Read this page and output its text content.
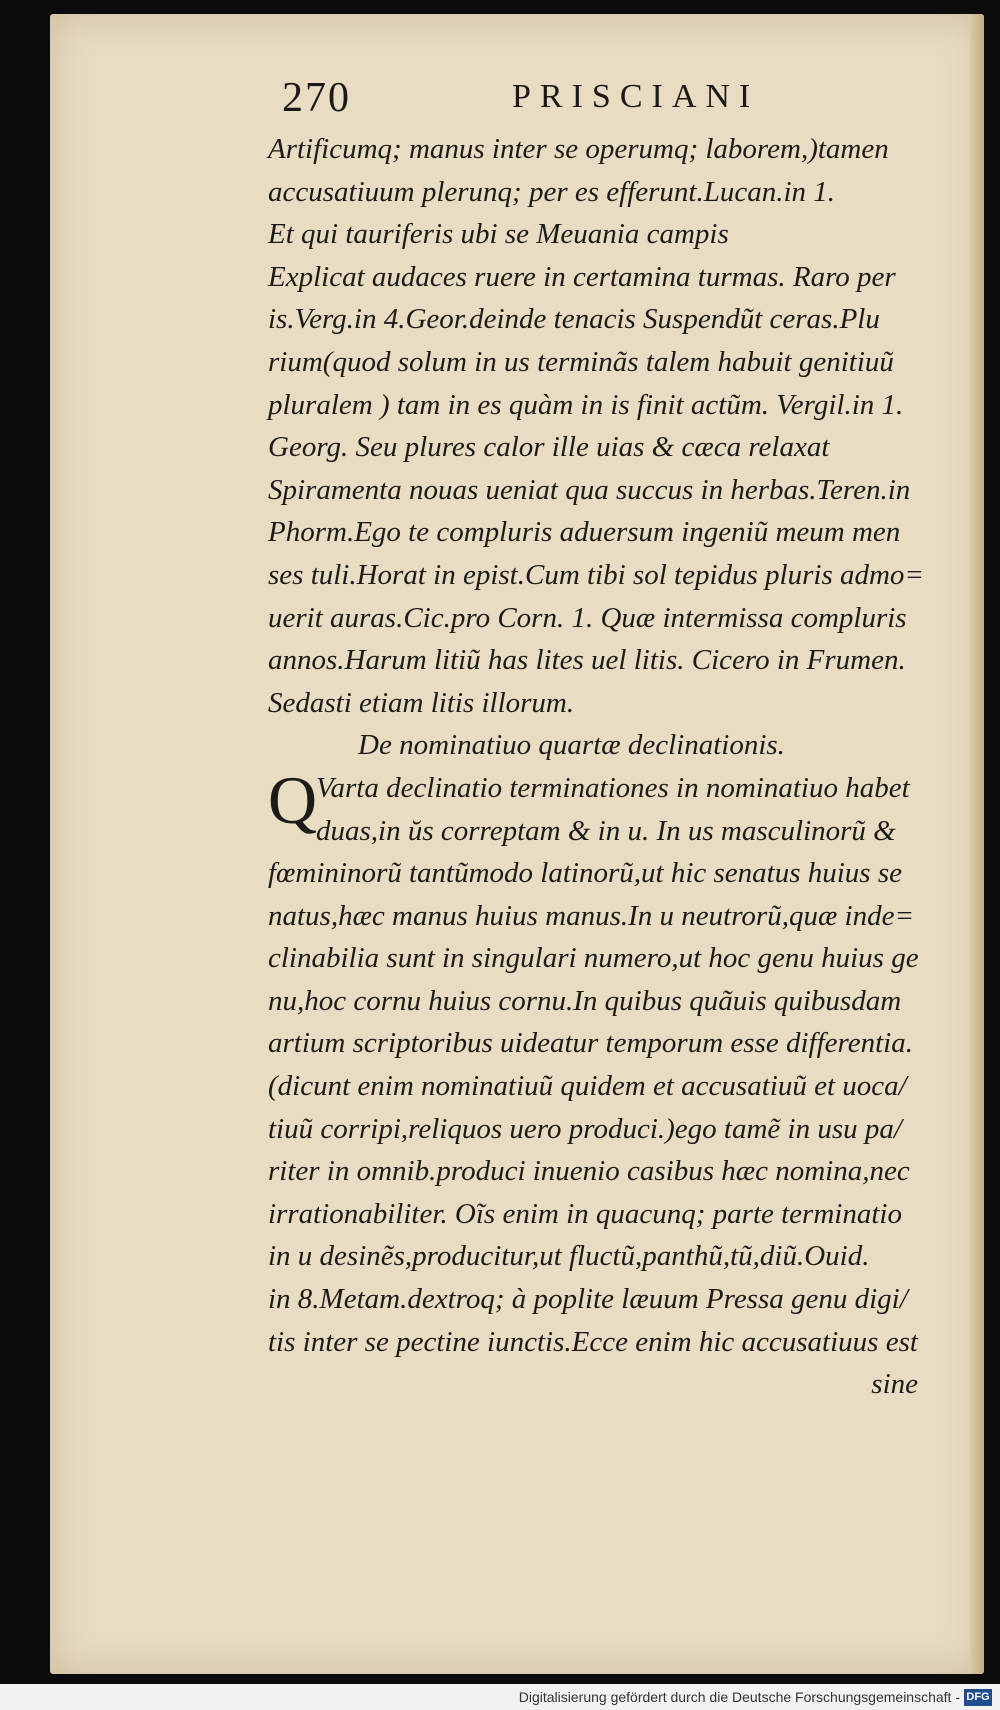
270	PRISCIANI
Artificumq; manus inter se operumq; laborem,)tamen
accusatiuum plerunq; per es efferunt.Lucan.in 1.
Et qui tauriferis ubi se Meuania campis
Explicat audaces ruere in certamina turmas. Raro per
is.Verg.in 4.Geor.deinde tenacis Suspendũt ceras.Plu
rium(quod solum in us terminãs talem habuit genitiuũ
pluralem ) tam in es quàm in is finit actũm. Vergil.in 1.
Georg. Seu plures calor ille uias & cæca relaxat
Spiramenta nouas ueniat qua succus in herbas.Teren.in
Phorm.Ego te compluris aduersum ingeniũ meum men
ses tuli.Horat in epist.Cum tibi sol tepidus pluris admo=
uerit auras.Cic.pro Corn. 1. Quæ intermissa compluris
annos.Harum litiũ has lites uel litis. Cicero in Frumen.
Sedasti etiam litis illorum.
De nominatiuo quartæ declinationis.
Q
Varta declinatio terminationes in nominatiuo habet
duas,in ŭs correptam & in u. In us masculinorũ &
fœmininorũ tantũmodo latinorũ,ut hic senatus huius se
natus,hæc manus huius manus.In u neutrorũ,quæ inde=
clinabilia sunt in singulari numero,ut hoc genu huius ge
nu,hoc cornu huius cornu.In quibus quãuis quibusdam
artium scriptoribus uideatur temporum esse differentia.
(dicunt enim nominatiuũ quidem et accusatiuũ et uoca/
tiuũ corripi,reliquos uero produci.)ego tamẽ in usu pa/
riter in omnib.produci inuenio casibus hæc nomina,nec
irrationabiliter. Oĩs enim in quacunq; parte terminatio
in u desinẽs,producitur,ut fluctũ,panthũ,tũ,diũ.Ouid.
in 8.Metam.dextroq; à poplite læuum Pressa genu digi/
tis inter se pectine iunctis.Ecce enim hic accusatiuus est
sine
Digitalisierung gefördert durch die Deutsche Forschungsgemeinschaft - DFG
